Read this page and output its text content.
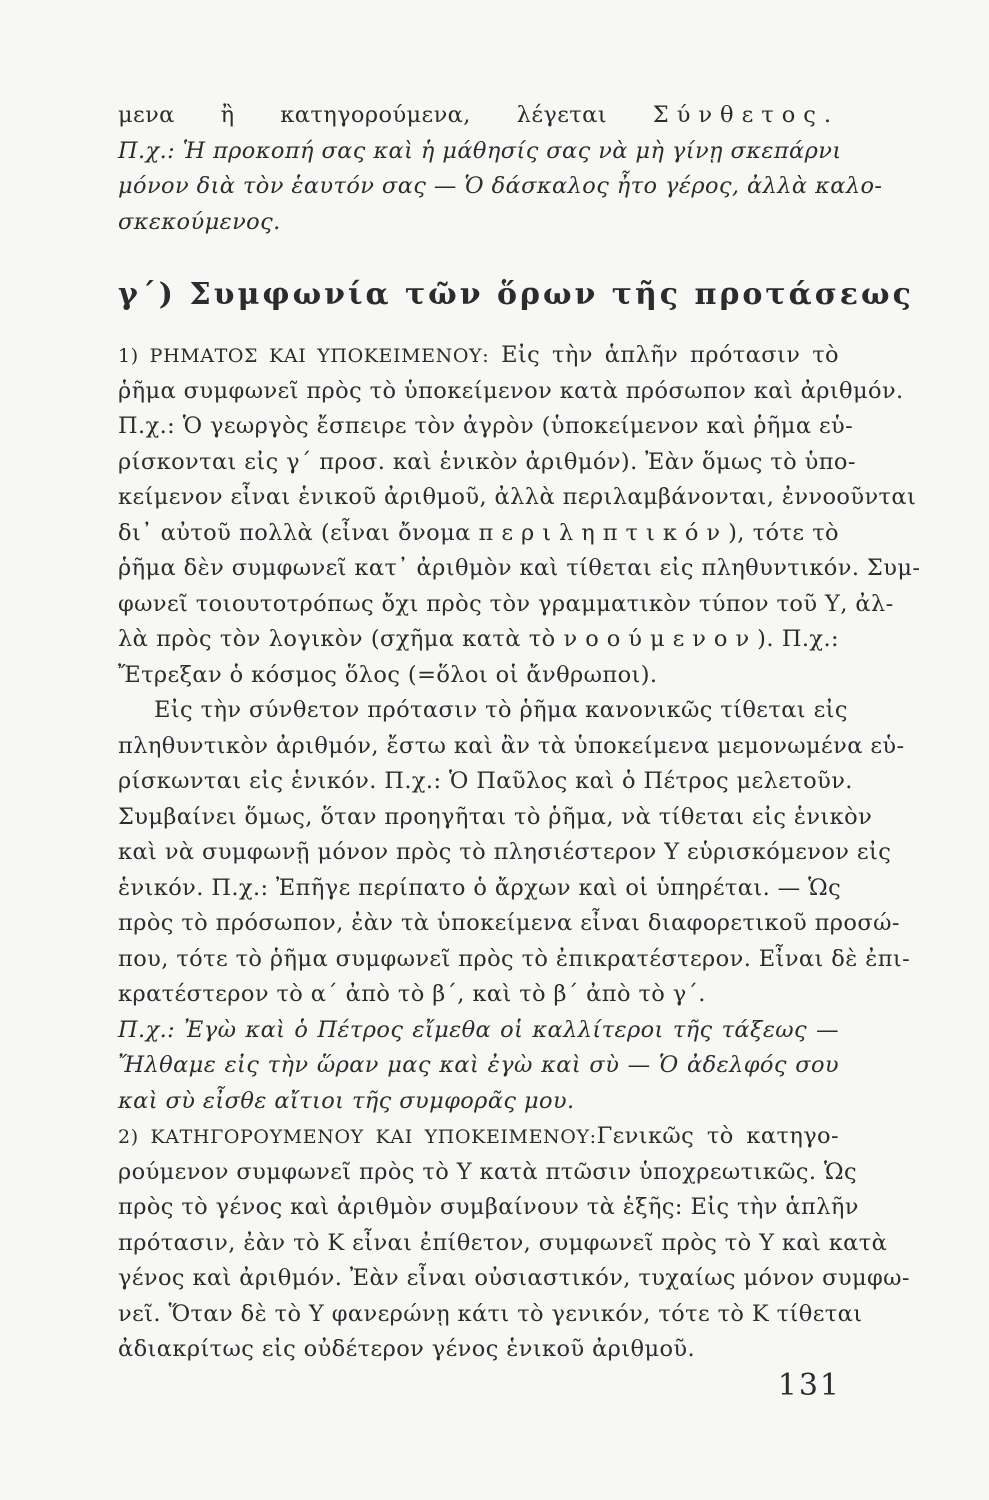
μενα ἢ κατηγορούμενα, λέγεται Σύνθετος.
Π.χ.: Ἡ προκοπή σας καὶ ἡ μάθησίς σας νὰ μὴ γίνῃ σκεπάρνι
μόνον διὰ τὸν ἑαυτόν σας — Ὁ δάσκαλος ἦτο γέρος, ἀλλὰ καλο-
σκεκούμενος.
γ΄) Συμφωνία τῶν ὅρων τῆς προτάσεως
1) ΡΗΜΑΤΟΣ ΚΑΙ ΥΠΟΚΕΙΜΕΝΟΥ: Εἰς τὴν ἁπλῆν πρότασιν τὸ
ῥῆμα συμφωνεῖ πρὸς τὸ ὑποκείμενον κατὰ πρόσωπον καὶ ἀριθμόν.
Π.χ.: Ὁ γεωργὸς ἔσπειρε τὸν ἀγρὸν (ὑποκείμενον καὶ ῥῆμα εὑ-
ρίσκονται εἰς γ΄ προσ. καὶ ἑνικὸν ἀριθμόν). Ἐὰν ὅμως τὸ ὑπο-
κείμενον εἶναι ἑνικοῦ ἀριθμοῦ, ἀλλὰ περιλαμβάνονται, ἐννοοῦνται
δι᾽ αὐτοῦ πολλὰ (εἶναι ὄνομα περιληπτικόν), τότε τὸ
ῥῆμα δὲν συμφωνεῖ κατ᾽ ἀριθμὸν καὶ τίθεται εἰς πληθυντικόν. Συμ-
φωνεῖ τοιουτοτρόπως ὄχι πρὸς τὸν γραμματικὸν τύπον τοῦ Υ, ἀλ-
λὰ πρὸς τὸν λογικὸν (σχῆμα κατὰ τὸ νοούμενον). Π.χ.:
Ἔτρεξαν ὁ κόσμος ὅλος (=ὅλοι οἱ ἄνθρωποι).
Εἰς τὴν σύνθετον πρότασιν τὸ ῥῆμα κανονικῶς τίθεται εἰς
πληθυντικὸν ἀριθμόν, ἔστω καὶ ἂν τὰ ὑποκείμενα μεμονωμένα εὑ-
ρίσκωνται εἰς ἑνικόν. Π.χ.: Ὁ Παῦλος καὶ ὁ Πέτρος μελετοῦν.
Συμβαίνει ὅμως, ὅταν προηγῆται τὸ ῥῆμα, νὰ τίθεται εἰς ἑνικὸν
καὶ νὰ συμφωνῇ μόνον πρὸς τὸ πλησιέστερον Υ εὑρισκόμενον εἰς
ἑνικόν. Π.χ.: Ἐπῆγε περίπατο ὁ ἄρχων καὶ οἱ ὑπηρέται. — Ὡς
πρὸς τὸ πρόσωπον, ἐὰν τὰ ὑποκείμενα εἶναι διαφορετικοῦ προσώ-
που, τότε τὸ ῥῆμα συμφωνεῖ πρὸς τὸ ἐπικρατέστερον. Εἶναι δὲ ἐπι-
κρατέστερον τὸ α΄ ἀπὸ τὸ β΄, καὶ τὸ β΄ ἀπὸ τὸ γ΄.
Π.χ.: Ἐγὼ καὶ ὁ Πέτρος εἴμεθα οἱ καλλίτεροι τῆς τάξεως —
Ἤλθαμε εἰς τὴν ὥραν μας καὶ ἐγὼ καὶ σὺ — Ὁ ἀδελφός σου
καὶ σὺ εἶσθε αἴτιοι τῆς συμφορᾶς μου.
2) ΚΑΤΗΓΟΡΟΥΜΕΝΟΥ ΚΑΙ ΥΠΟΚΕΙΜΕΝΟΥ:Γενικῶς τὸ κατηγο-
ρούμενον συμφωνεῖ πρὸς τὸ Υ κατὰ πτῶσιν ὑποχρεωτικῶς. Ὡς
πρὸς τὸ γένος καὶ ἀριθμὸν συμβαίνουν τὰ ἑξῆς: Εἰς τὴν ἁπλῆν
πρότασιν, ἐὰν τὸ Κ εἶναι ἐπίθετον, συμφωνεῖ πρὸς τὸ Υ καὶ κατὰ
γένος καὶ ἀριθμόν. Ἐὰν εἶναι οὐσιαστικόν, τυχαίως μόνον συμφω-
νεῖ. Ὅταν δὲ τὸ Υ φανερώνῃ κάτι τὸ γενικόν, τότε τὸ Κ τίθεται
ἀδιακρίτως εἰς οὐδέτερον γένος ἑνικοῦ ἀριθμοῦ.
131
